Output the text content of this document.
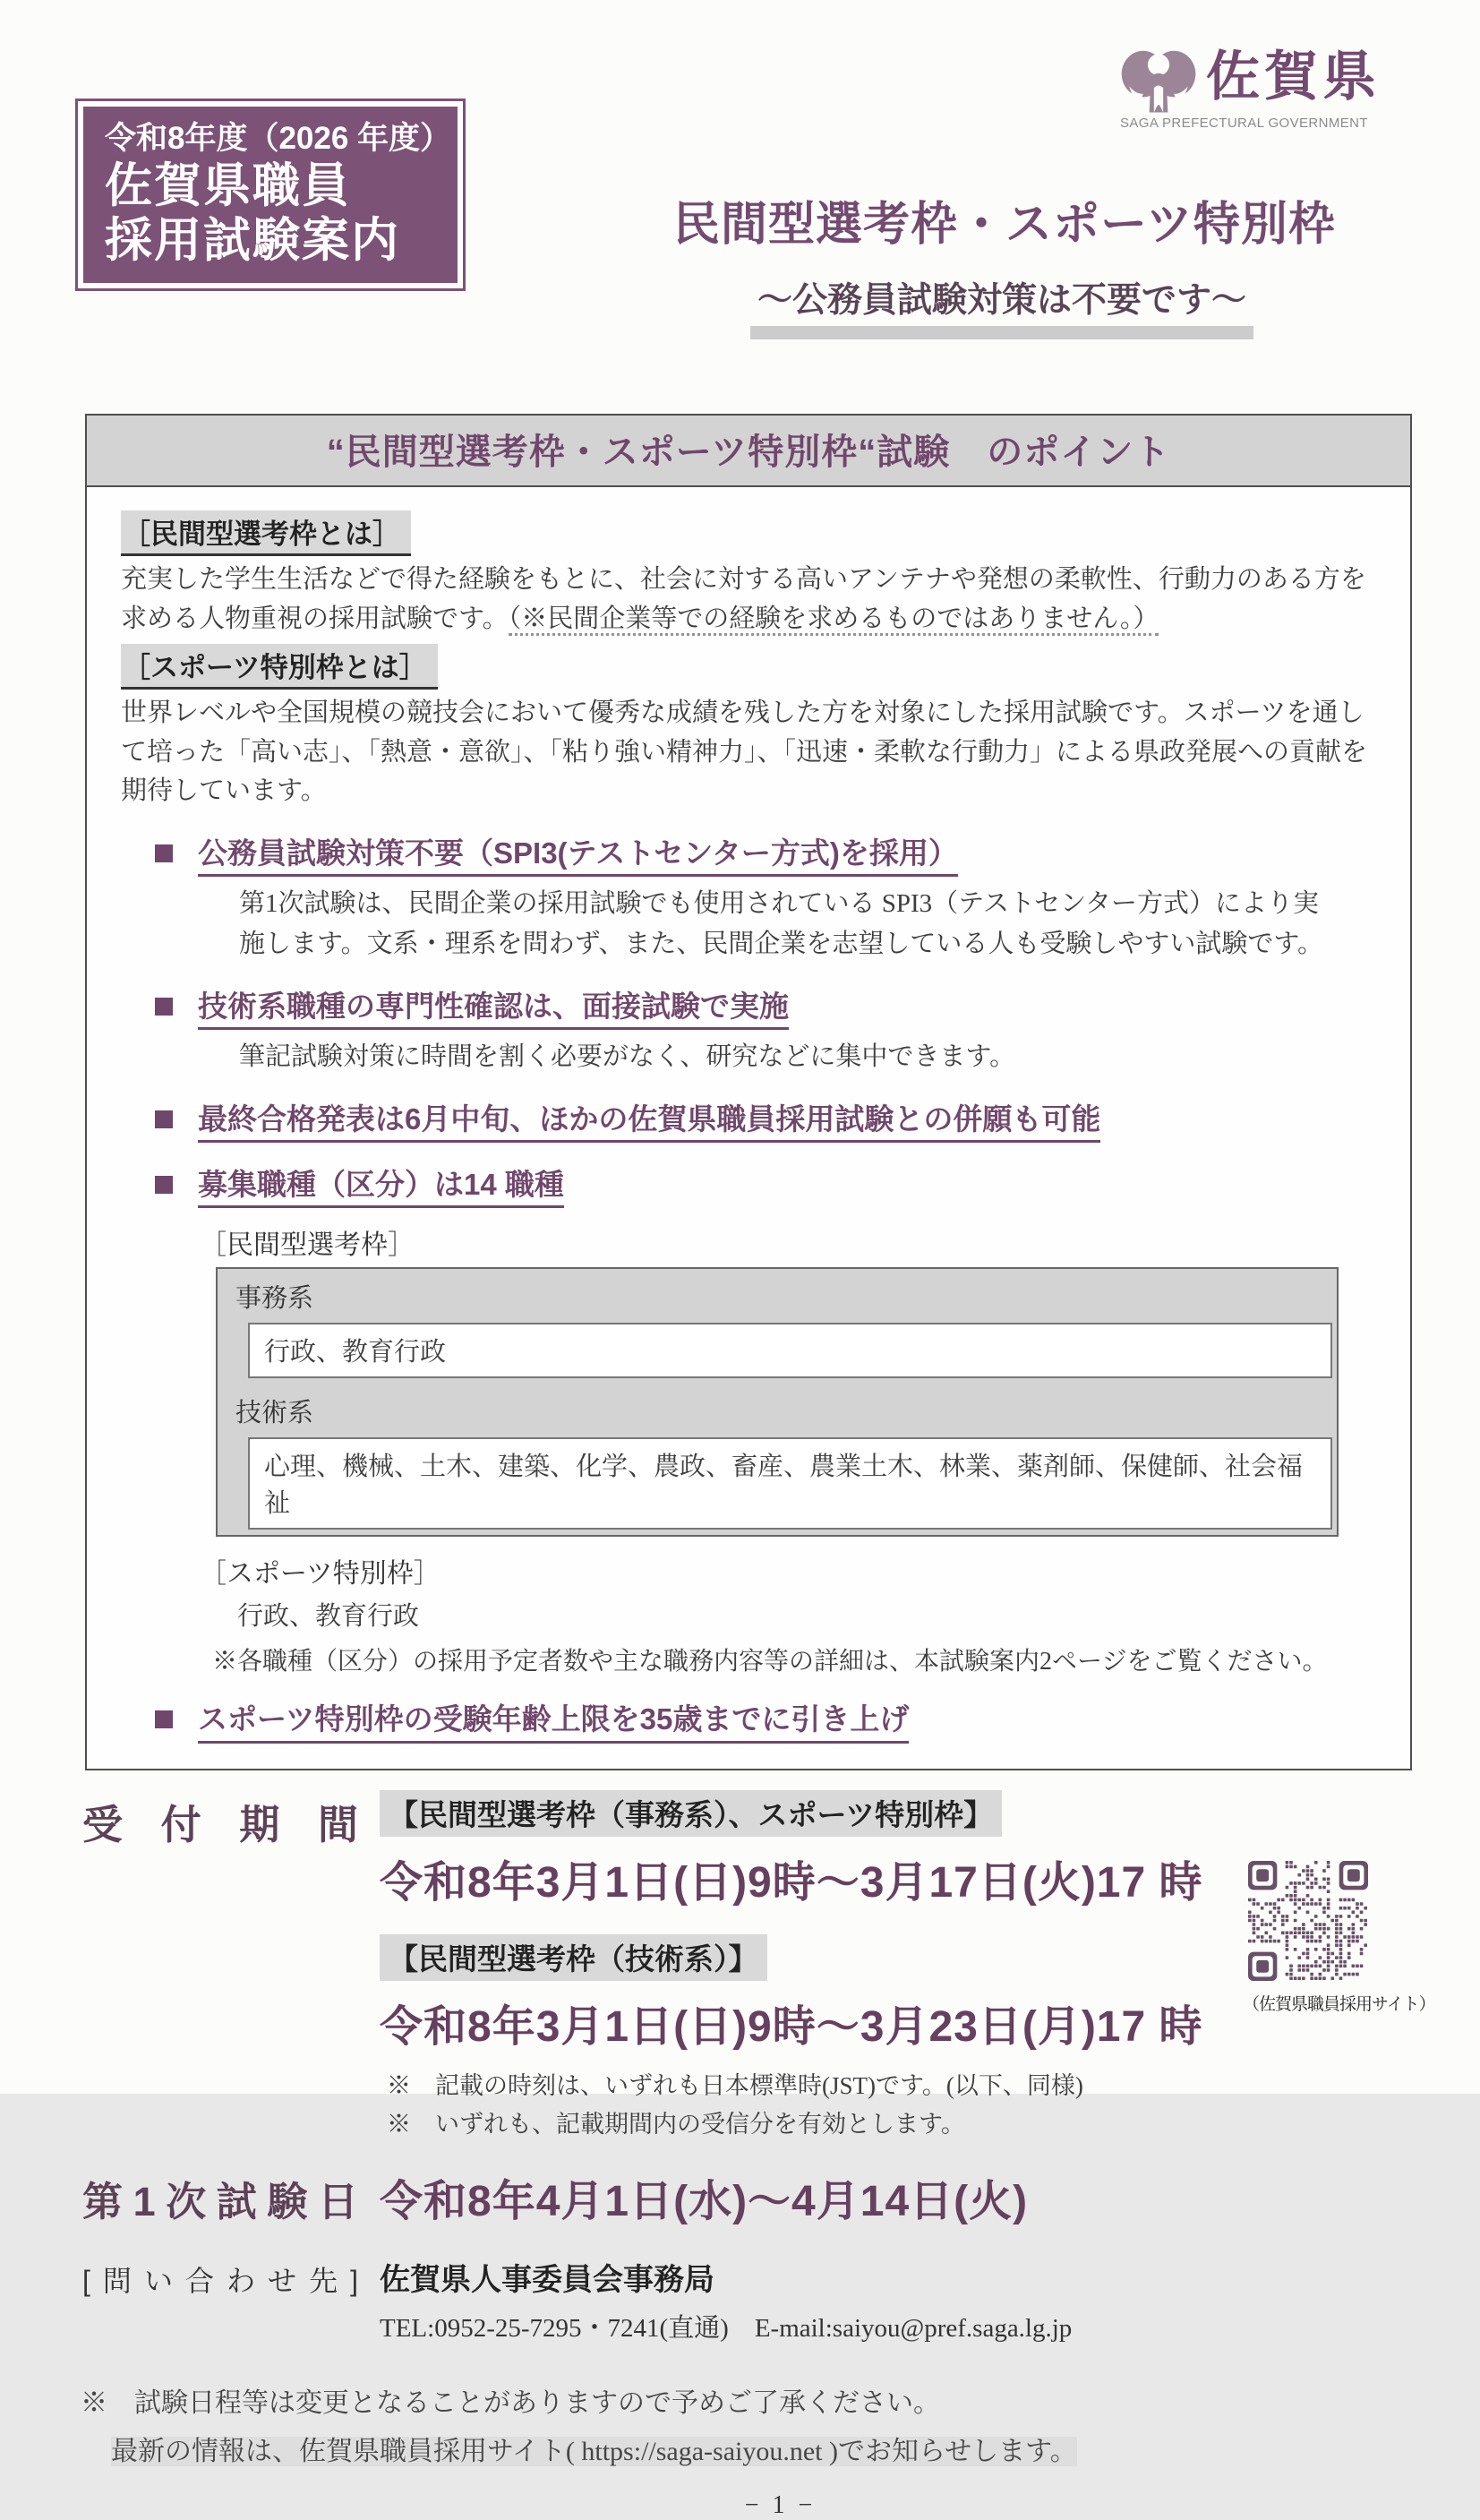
佐賀県
SAGA PREFECTURAL GOVERNMENT
令和8年度（2026 年度）
佐賀県職員
採用試験案内	民間型選考枠・スポーツ特別枠
～公務員試験対策は不要です～
“民間型選考枠・スポーツ特別枠“試験　のポイント
［民間型選考枠とは］

充実した学生生活などで得た経験をもとに、社会に対する高いアンテナや発想の柔軟性、行動力のある方を求める人物重視の採用試験です。（※民間企業等での経験を求めるものではありません。）

［スポーツ特別枠とは］

世界レベルや全国規模の競技会において優秀な成績を残した方を対象にした採用試験です。スポーツを通して培った「高い志」、「熱意・意欲」、「粘り強い精神力」、「迅速・柔軟な行動力」による県政発展への貢献を期待しています。

公務員試験対策不要（SPI3(テストセンター方式)を採用）

第1次試験は、民間企業の採用試験でも使用されている SPI3（テストセンター方式）により実施します。文系・理系を問わず、また、民間企業を志望している人も受験しやすい試験です。

技術系職種の専門性確認は、面接試験で実施

筆記試験対策に時間を割く必要がなく、研究などに集中できます。

最終合格発表は6月中旬、ほかの佐賀県職員採用試験との併願も可能
募集職種（区分）は14 職種
［民間型選考枠］
事務系
行政、教育行政
技術系
心理、機械、土木、建築、化学、農政、畜産、農業土木、林業、薬剤師、保健師、社会福祉
［スポーツ特別枠］
行政、教育行政
※各職種（区分）の採用予定者数や主な職務内容等の詳細は、本試験案内2ページをご覧ください。
スポーツ特別枠の受験年齢上限を35歳までに引き上げ
受付期間	【民間型選考枠（事務系）、スポーツ特別枠】
令和8年3月1日(日)9時～3月17日(火)17 時
【民間型選考枠（技術系）】
令和8年3月1日(日)9時～3月23日(月)17 時
※　記載の時刻は、いずれも日本標準時(JST)です。(以下、同様)
※　いずれも、記載期間内の受信分を有効とします。
第1次試験日 令和8年4月1日(水)～4月14日(火)
[問い合わせ先] 佐賀県人事委員会事務局
TEL:0952-25-7295・7241(直通)　E-mail:saiyou@pref.saga.lg.jp
（佐賀県職員採用サイト）
※　試験日程等は変更となることがありますので予めご了承ください。
最新の情報は、佐賀県職員採用サイト( https://saga-saiyou.net )でお知らせします。
− 1 −
